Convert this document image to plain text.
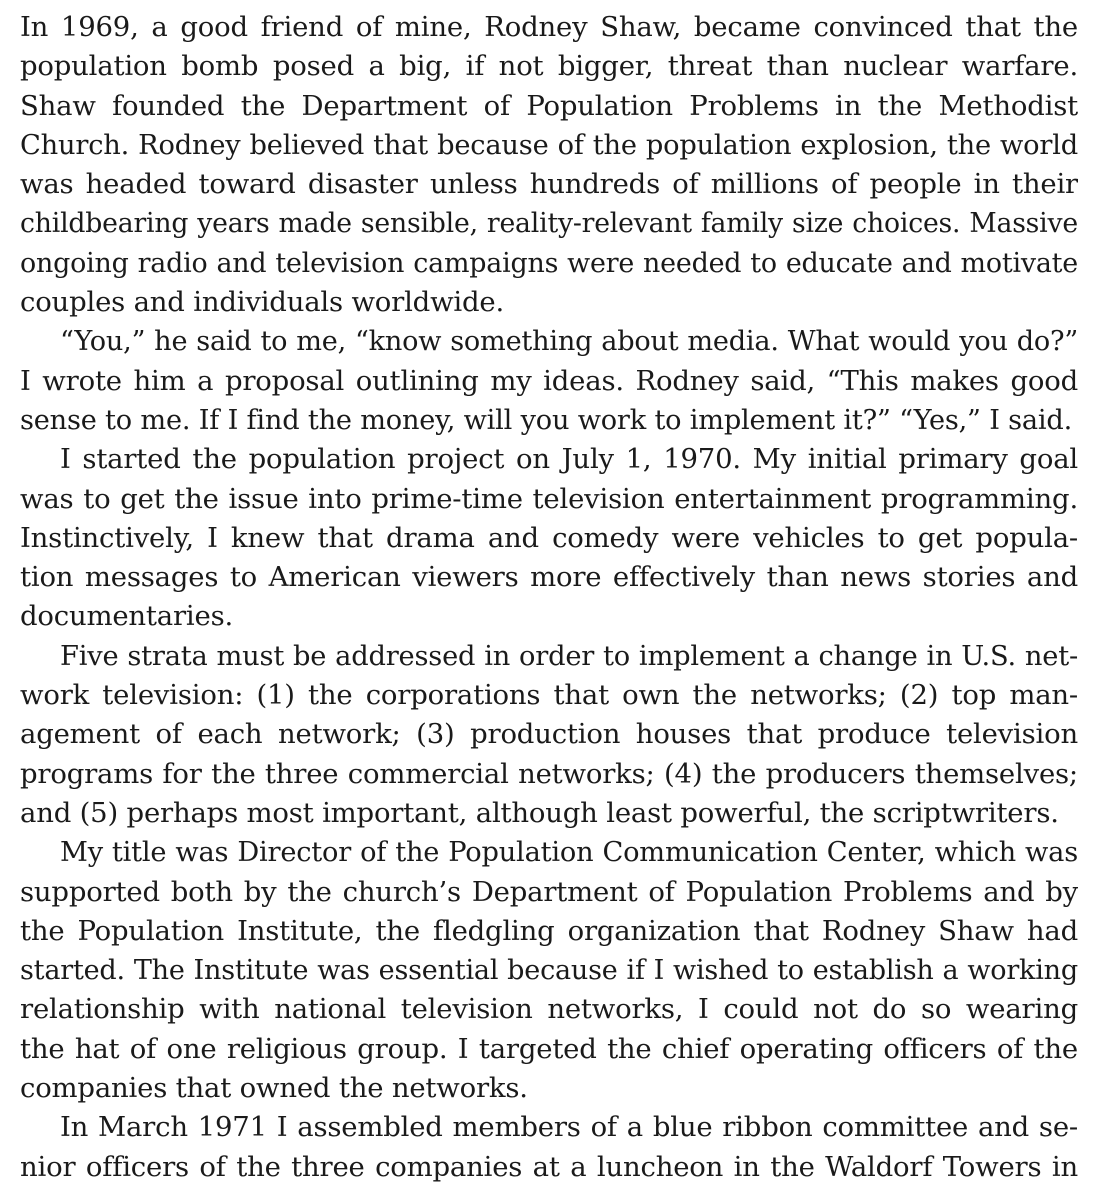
In 1969, a good friend of mine, Rodney Shaw, became convinced that the
population bomb posed a big, if not bigger, threat than nuclear warfare.
Shaw founded the Department of Population Problems in the Methodist
Church. Rodney believed that because of the population explosion, the world
was headed toward disaster unless hundreds of millions of people in their
childbearing years made sensible, reality-relevant family size choices. Massive
ongoing radio and television campaigns were needed to educate and motivate
couples and individuals worldwide.
“You,” he said to me, “know something about media. What would you do?”
I wrote him a proposal outlining my ideas. Rodney said, “This makes good
sense to me. If I find the money, will you work to implement it?” “Yes,” I said.
I started the population project on July 1, 1970. My initial primary goal
was to get the issue into prime-time television entertainment programming.
Instinctively, I knew that drama and comedy were vehicles to get popula-
tion messages to American viewers more effectively than news stories and
documentaries.
Five strata must be addressed in order to implement a change in U.S. net-
work television: (1) the corporations that own the networks; (2) top man-
agement of each network; (3) production houses that produce television
programs for the three commercial networks; (4) the producers themselves;
and (5) perhaps most important, although least powerful, the scriptwriters.
My title was Director of the Population Communication Center, which was
supported both by the church’s Department of Population Problems and by
the Population Institute, the fledgling organization that Rodney Shaw had
started. The Institute was essential because if I wished to establish a working
relationship with national television networks, I could not do so wearing
the hat of one religious group. I targeted the chief operating officers of the
companies that owned the networks.
In March 1971 I assembled members of a blue ribbon committee and se-
nior officers of the three companies at a luncheon in the Waldorf Towers in
